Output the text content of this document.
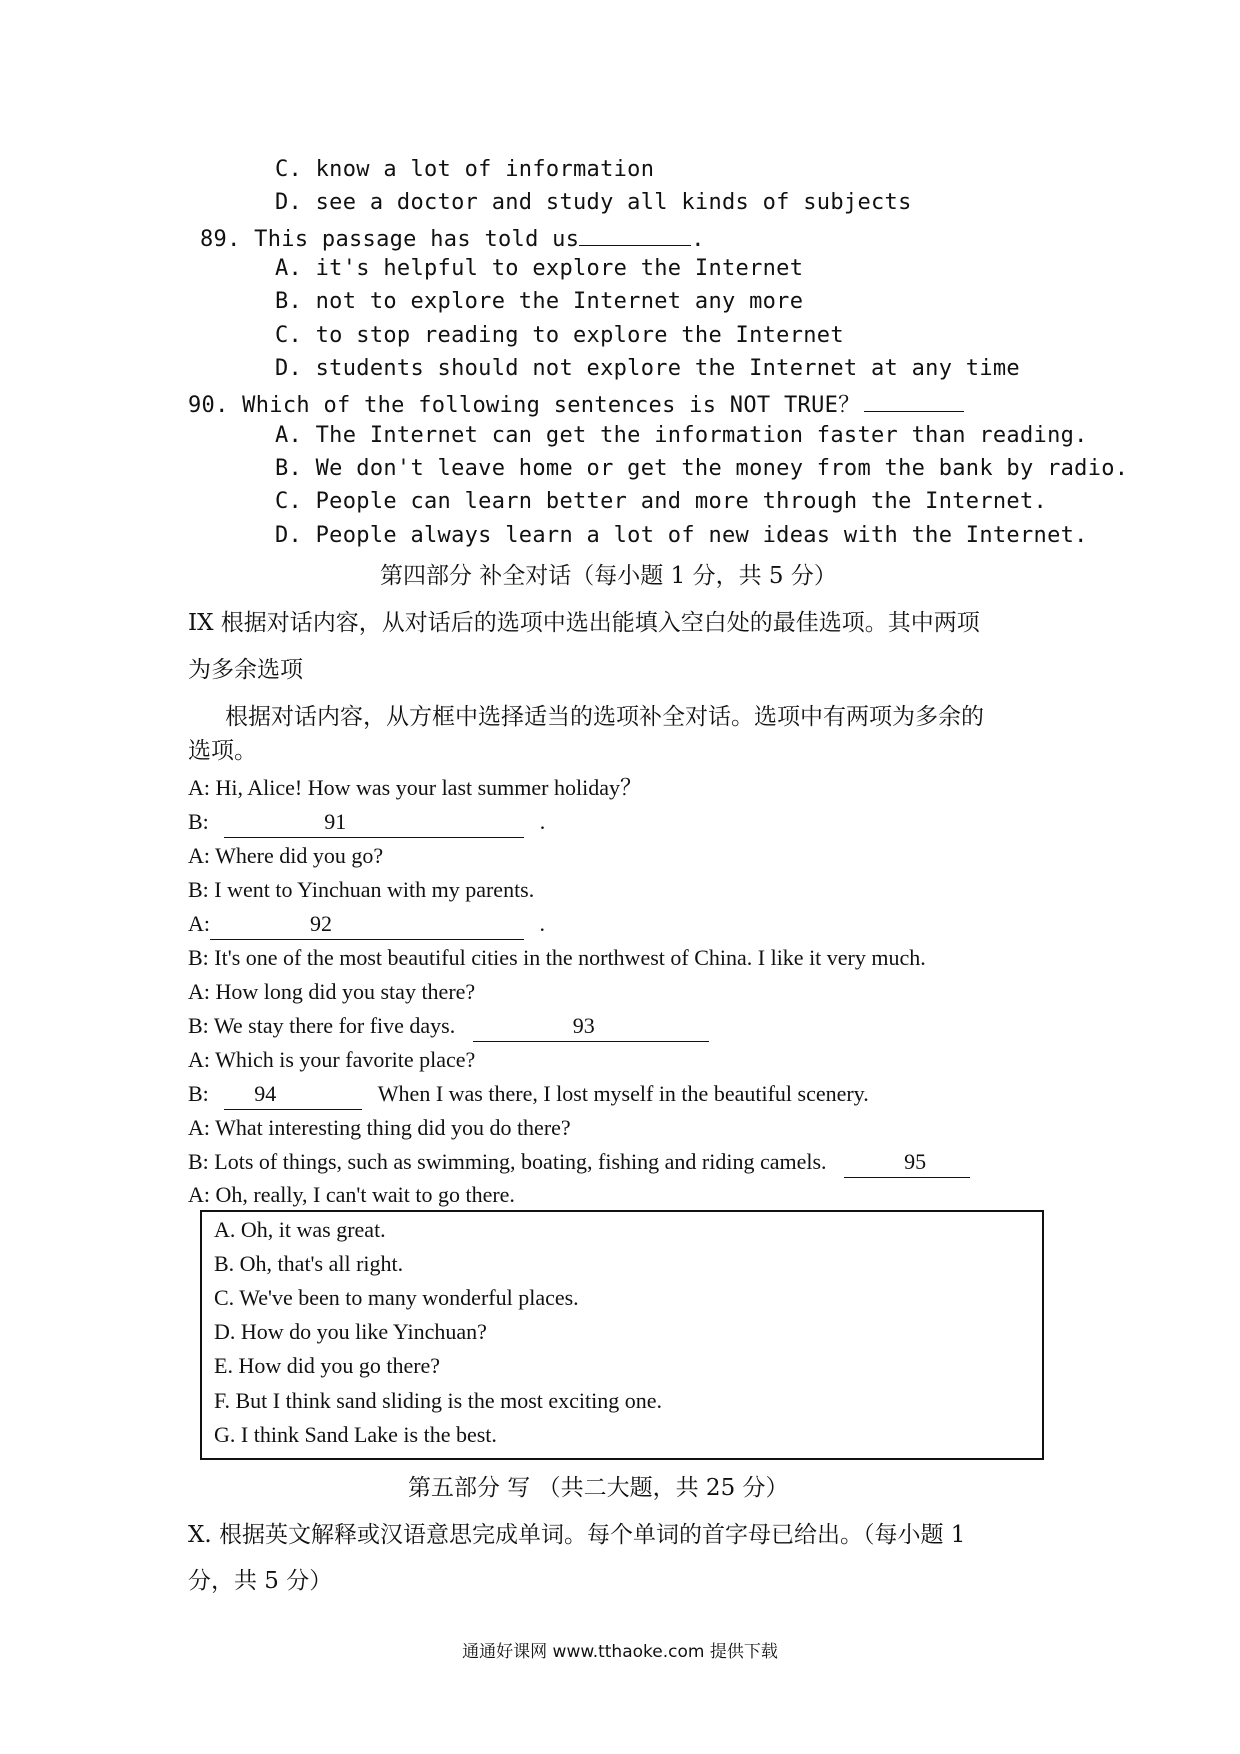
C. know a lot of information
D. see a doctor and study all kinds of subjects
89. This passage has told us	.
A. it's helpful to explore the Internet
B. not to explore the Internet any more
C. to stop reading to explore the Internet
D. students should not explore the Internet at any time
90. Which of the following sentences is NOT TRUE？
A. The Internet can get the information faster than reading.
B. We don't leave home or get the money from the bank by radio.
C. People can learn better and more through the Internet.
D. People always learn a lot of new ideas with the Internet.
第四部分 补全对话（每小题 1 分，共 5 分）
IX 根据对话内容，从对话后的选项中选出能填入空白处的最佳选项。其中两项
为多余选项
根据对话内容，从方框中选择适当的选项补全对话。选项中有两项为多余的
选项。
A: Hi, Alice! How was your last summer holiday？
B:	91	.
A: Where did you go?
B: I went to Yinchuan with my parents.
A:	92	.
B: It's one of the most beautiful cities in the northwest of China. I like it very much.
A: How long did you stay there?
B: We stay there for five days.	93
A: Which is your favorite place?
B: 94	When I was there, I lost myself in the beautiful scenery.
A: What interesting thing did you do there?
B: Lots of things, such as swimming, boating, fishing and riding camels.	95
A: Oh, really, I can't wait to go there.
A. Oh, it was great.
B. Oh, that's all right.
C. We've been to many wonderful places.
D. How do you like Yinchuan?
E. How did you go there?
F. But I think sand sliding is the most exciting one.
G. I think Sand Lake is the best.
第五部分 写 （共二大题，共 25 分）
X. 根据英文解释或汉语意思完成单词。每个单词的首字母已给出。（每小题 1
分，共 5 分）
通通好课网 www.tthaoke.com 提供下载
